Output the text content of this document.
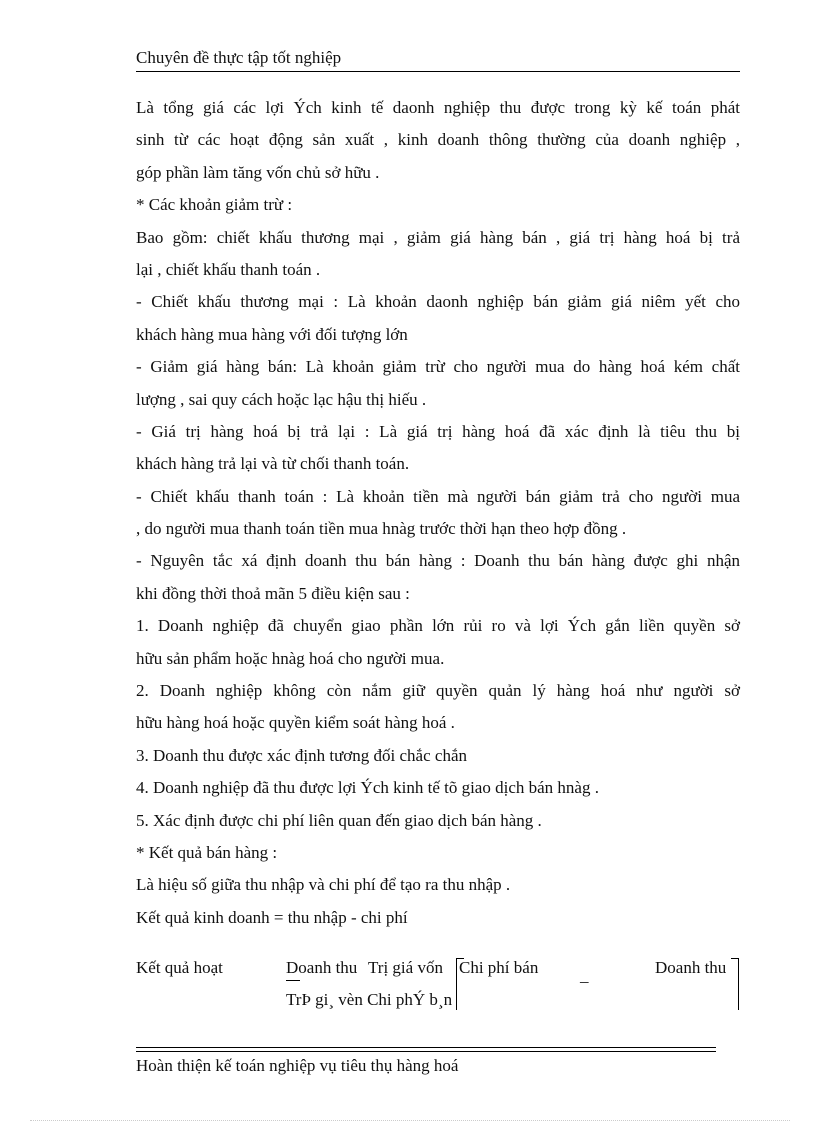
Chuyên đề thực tập tốt nghiệp
Là tổng giá các lợi Ých kinh tế daonh nghiệp thu được trong kỳ kế toán phát
sinh từ các hoạt động sản xuất , kinh doanh thông thường của doanh nghiệp ,
góp phần làm tăng vốn chủ sở hữu .
* Các khoản giảm trừ :
Bao gồm: chiết khấu thương mại , giảm giá hàng bán , giá trị hàng hoá bị trả
lại , chiết khấu thanh toán .
- Chiết khấu thương mại : Là khoản daonh nghiệp bán giảm giá niêm yết cho
khách hàng mua hàng với đối tượng lớn
- Giảm giá hàng bán: Là khoản giảm trừ cho người mua do hàng hoá kém chất
lượng , sai quy cách hoặc lạc hậu thị hiếu .
- Giá trị hàng hoá bị trả lại : Là giá trị hàng hoá đã xác định là tiêu thu bị
khách hàng trả lại và từ chối thanh toán.
- Chiết khấu thanh toán : Là khoản tiền mà người bán giảm trả cho người mua
, do người mua thanh toán tiền mua hnàg trước thời hạn theo hợp đồng .
- Nguyên tắc xá định doanh thu bán hàng : Doanh thu bán hàng được ghi nhận
khi đồng thời thoả mãn 5 điều kiện sau :
1. Doanh nghiệp đã chuyển giao phần lớn rủi ro và lợi Ých gắn liền quyền sở
hữu sản phẩm hoặc hnàg hoá cho người mua.
2. Doanh nghiệp không còn nắm giữ quyền quản lý hàng hoá như người sở
hữu hàng hoá hoặc quyền kiểm soát hàng hoá .
3. Doanh thu được xác định tương đối chắc chắn
4. Doanh nghiệp đã thu được lợi Ých kinh tế tõ giao dịch bán hnàg .
5. Xác định được chi phí liên quan đến giao dịch bán hàng .
* Kết quả bán hàng :
Là hiệu số giữa thu nhập và chi phí để tạo ra thu nhập .
Kết quả kinh doanh = thu nhập - chi phí
Kết quả hoạt	Doanh thu Trị giá vốn Chi phí bán _	Doanh thu
TrÞ gi¸ vèn Chi phÝ b¸n
Hoàn thiện kế toán nghiệp vụ tiêu thụ hàng hoá
